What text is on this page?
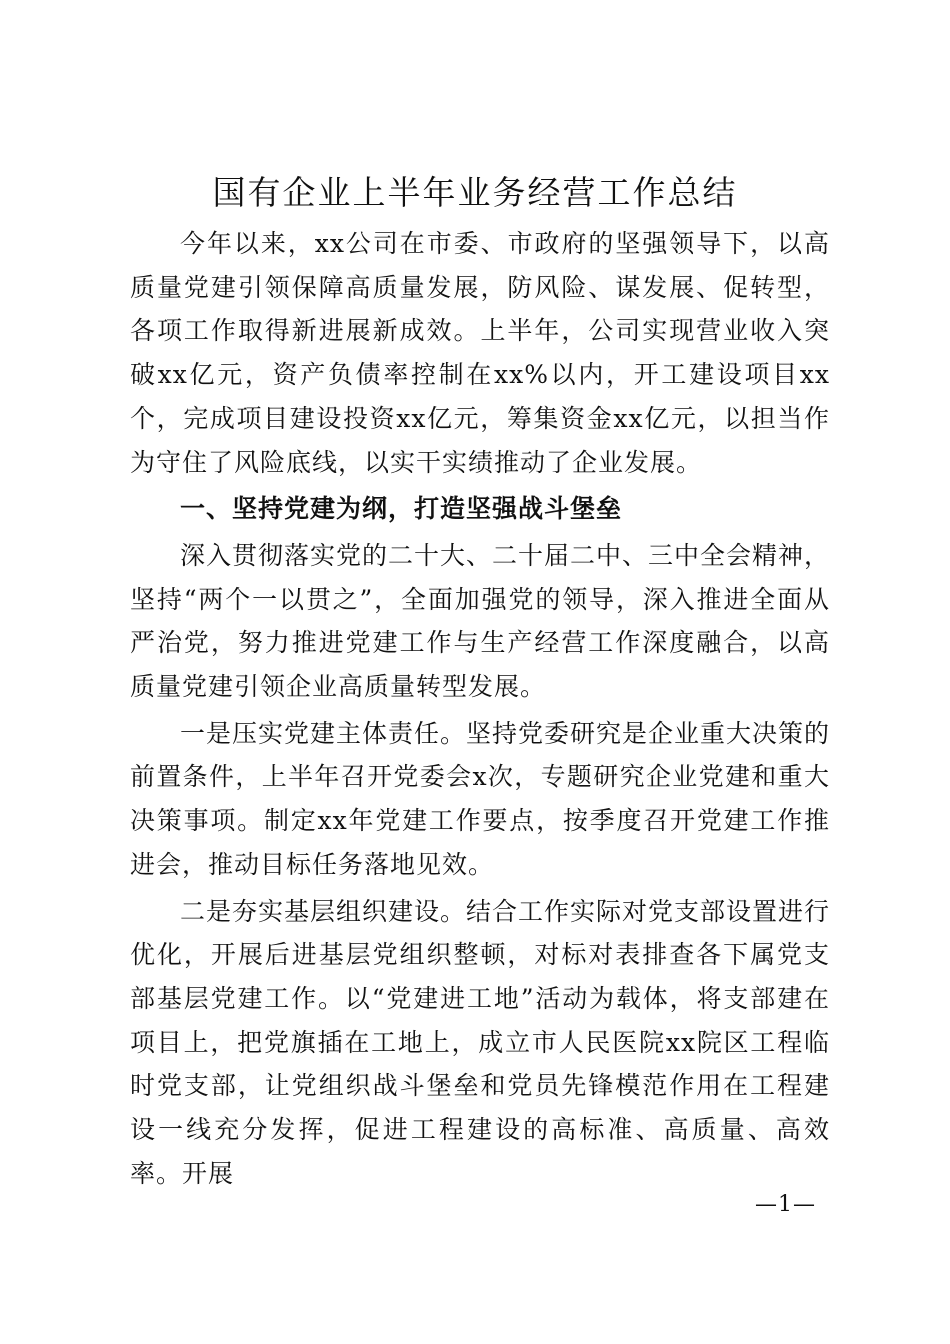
国有企业上半年业务经营工作总结

今年以来，xx公司在市委、市政府的坚强领导下，以高质量党建引领保障高质量发展，防风险、谋发展、促转型，各项工作取得新进展新成效。上半年，公司实现营业收入突破xx亿元，资产负债率控制在xx%以内，开工建设项目xx个，完成项目建设投资xx亿元，筹集资金xx亿元，以担当作为守住了风险底线，以实干实绩推动了企业发展。

一、坚持党建为纲，打造坚强战斗堡垒

深入贯彻落实党的二十大、二十届二中、三中全会精神，坚持“两个一以贯之”，全面加强党的领导，深入推进全面从严治党，努力推进党建工作与生产经营工作深度融合，以高质量党建引领企业高质量转型发展。

一是压实党建主体责任。坚持党委研究是企业重大决策的前置条件，上半年召开党委会x次，专题研究企业党建和重大决策事项。制定xx年党建工作要点，按季度召开党建工作推进会，推动目标任务落地见效。

二是夯实基层组织建设。结合工作实际对党支部设置进行优化，开展后进基层党组织整顿，对标对表排查各下属党支部基层党建工作。以“党建进工地”活动为载体，将支部建在项目上，把党旗插在工地上，成立市人民医院xx院区工程临时党支部，让党组织战斗堡垒和党员先锋模范作用在工程建设一线充分发挥，促进工程建设的高标准、高质量、高效率。开展

—1—
